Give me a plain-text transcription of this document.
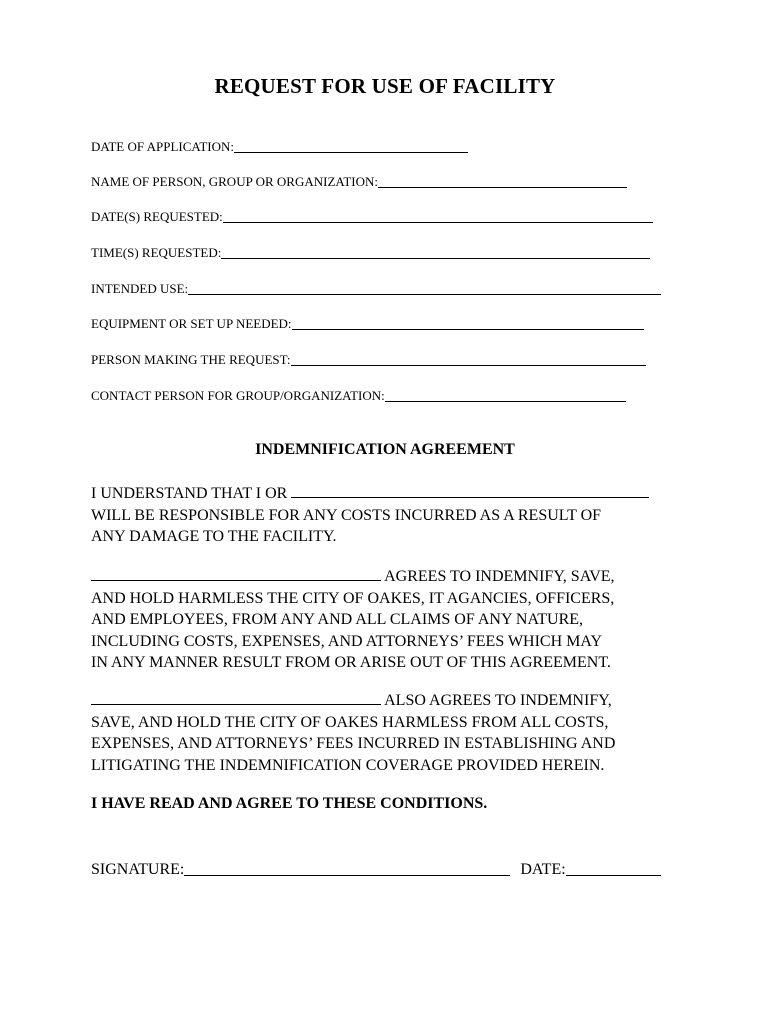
REQUEST FOR USE OF FACILITY
DATE OF APPLICATION:
NAME OF PERSON, GROUP OR ORGANIZATION:
DATE(S) REQUESTED:
TIME(S) REQUESTED:
INTENDED USE:
EQUIPMENT OR SET UP NEEDED:
PERSON MAKING THE REQUEST:
CONTACT PERSON FOR GROUP/ORGANIZATION:
INDEMNIFICATION AGREEMENT
I UNDERSTAND THAT I OR
WILL BE RESPONSIBLE FOR ANY COSTS INCURRED AS A RESULT OF
ANY DAMAGE TO THE FACILITY.
AGREES TO INDEMNIFY, SAVE,
AND HOLD HARMLESS THE CITY OF OAKES, IT AGANCIES, OFFICERS,
AND EMPLOYEES, FROM ANY AND ALL CLAIMS OF ANY NATURE,
INCLUDING COSTS, EXPENSES, AND ATTORNEYS’ FEES WHICH MAY
IN ANY MANNER RESULT FROM OR ARISE OUT OF THIS AGREEMENT.
ALSO AGREES TO INDEMNIFY,
SAVE, AND HOLD THE CITY OF OAKES HARMLESS FROM ALL COSTS,
EXPENSES, AND ATTORNEYS’ FEES INCURRED IN ESTABLISHING AND
LITIGATING THE INDEMNIFICATION COVERAGE PROVIDED HEREIN.

I HAVE READ AND AGREE TO THESE CONDITIONS.

SIGNATURE:	DATE:
